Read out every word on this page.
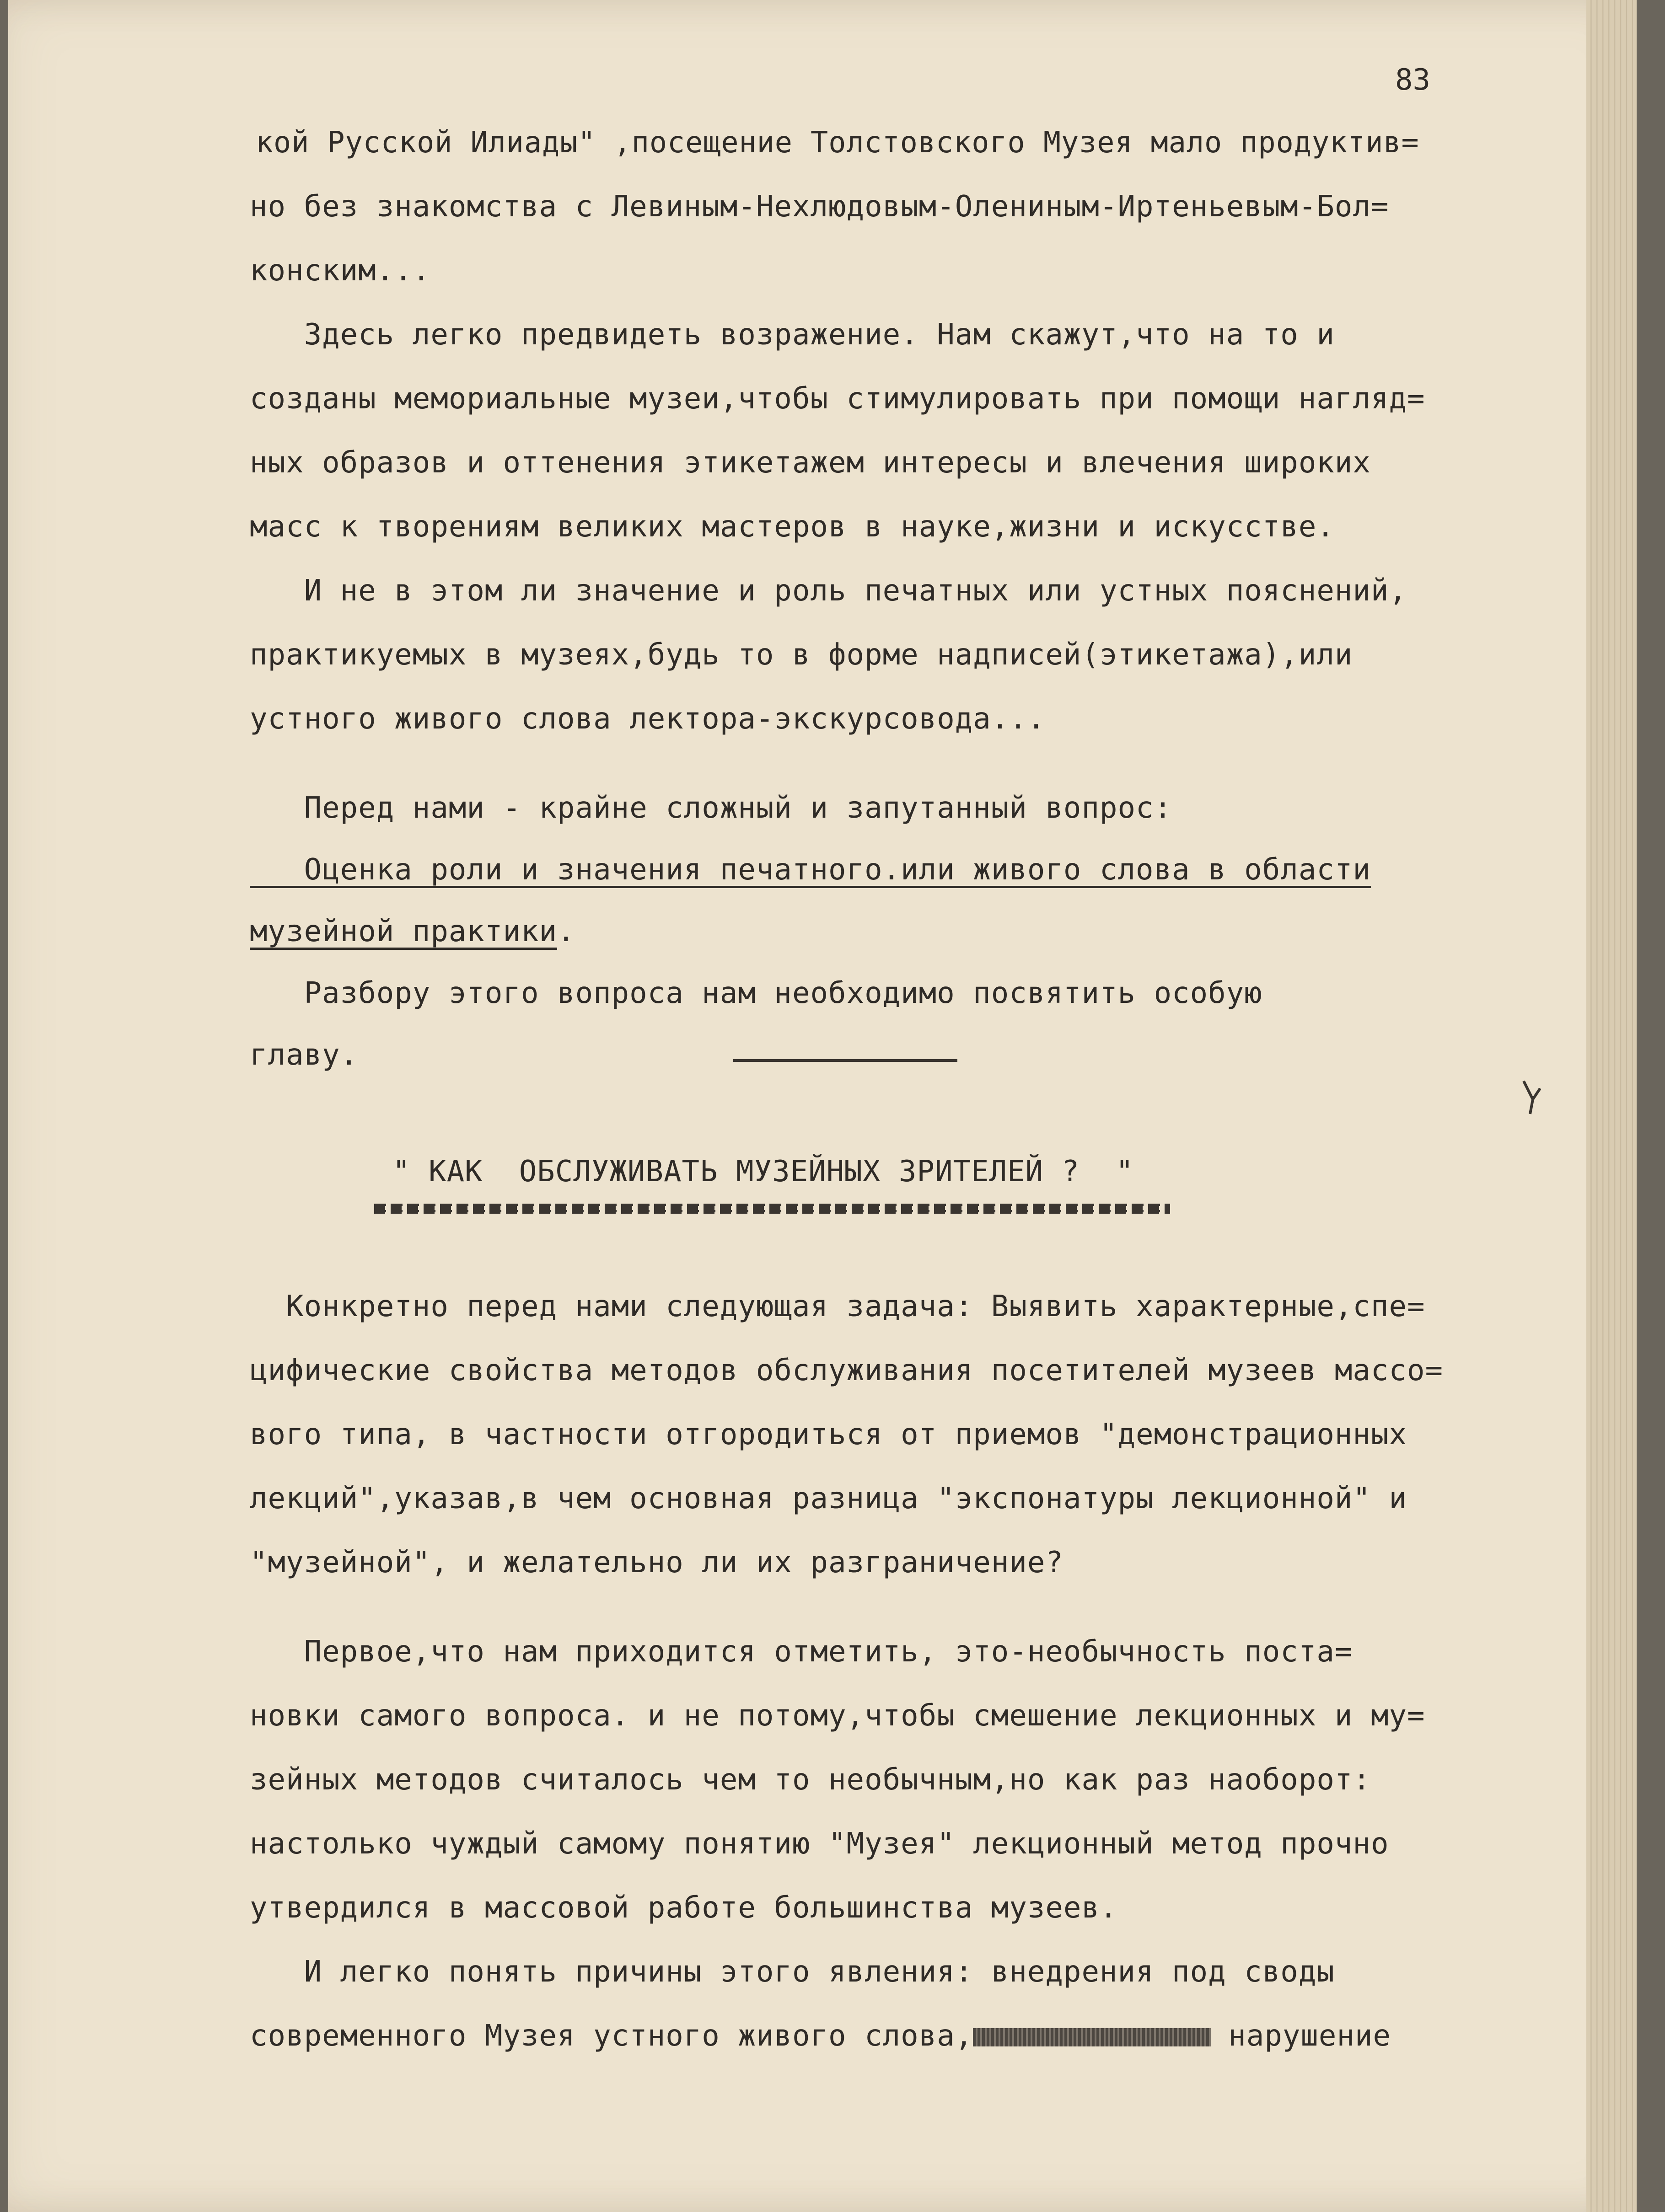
83
кой Русской Илиады" ,посещение Толстовского Музея мало продуктив=
но без знакомства с Левиным-Нехлюдовым-Олениным-Иртеньевым-Бол=
конским...
Здесь легко предвидеть возражение. Нам скажут,что на то и
созданы мемориальные музеи,чтобы стимулировать при помощи нагляд=
ных образов и оттенения этикетажем интересы и влечения широких
масс к творениям великих мастеров в науке,жизни и искусстве.
И не в этом ли значение и роль печатных или устных пояснений,
практикуемых в музеях,будь то в форме надписей(этикетажа),или
устного живого слова лектора-экскурсовода...
Перед нами - крайне сложный и запутанный вопрос:
Оценка роли и значения печатного.или живого слова в области
музейной практики.
Разбору этого вопроса нам необходимо посвятить особую
главу.
" КАК  ОБСЛУЖИВАТЬ МУЗЕЙНЫХ ЗРИТЕЛЕЙ ?  "
Конкретно перед нами следующая задача: Выявить характерные,спе=
цифические свойства методов обслуживания посетителей музеев массо=
вого типа, в частности отгородиться от приемов "демонстрационных
лекций",указав,в чем основная разница "экспонатуры лекционной" и
"музейной", и желательно ли их разграничение?
Первое,что нам приходится отметить, это-необычность поста=
новки самого вопроса. и не потому,чтобы смешение лекционных и му=
зейных методов считалось чем то необычным,но как раз наоборот:
настолько чуждый самому понятию "Музея" лекционный метод прочно
утвердился в массовой работе большинства музеев.
И легко понять причины этого явления: внедрения под своды
современного Музея устного живого слова,	нарушение
